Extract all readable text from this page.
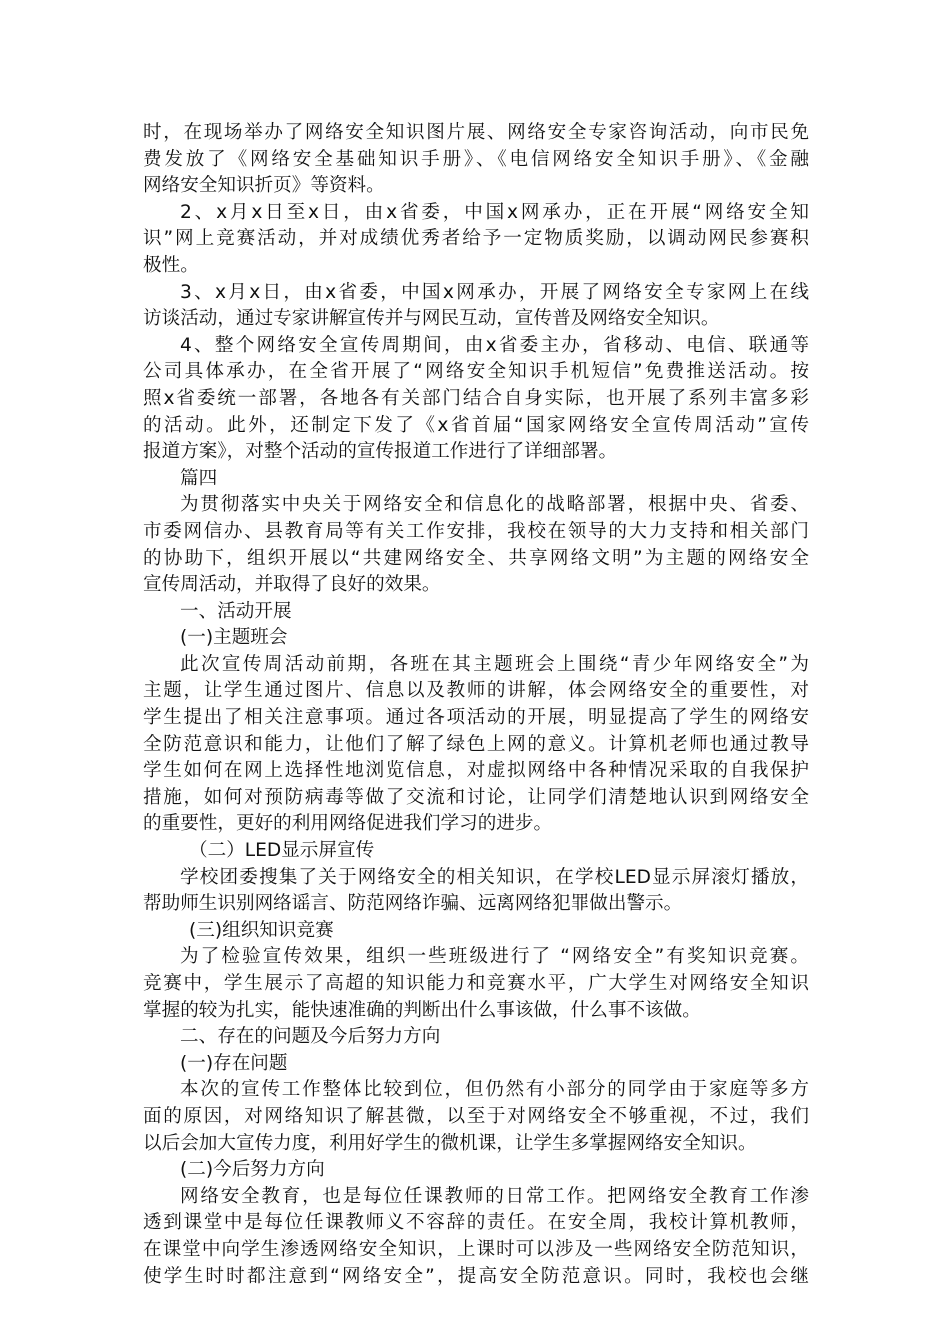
时，在现场举办了网络安全知识图片展、网络安全专家咨询活动，向市民免
费发放了《网络安全基础知识手册》、《电信网络安全知识手册》、《金融
网络安全知识折页》等资料。
2、x月x日至x日，由x省委，中国x网承办，正在开展“网络安全知
识”网上竞赛活动，并对成绩优秀者给予一定物质奖励，以调动网民参赛积
极性。
3、x月x日，由x省委，中国x网承办，开展了网络安全专家网上在线
访谈活动，通过专家讲解宣传并与网民互动，宣传普及网络安全知识。
4、整个网络安全宣传周期间，由x省委主办，省移动、电信、联通等
公司具体承办，在全省开展了“网络安全知识手机短信”免费推送活动。按
照x省委统一部署，各地各有关部门结合自身实际，也开展了系列丰富多彩
的活动。此外，还制定下发了《x省首届“国家网络安全宣传周活动”宣传
报道方案》，对整个活动的宣传报道工作进行了详细部署。
篇四
为贯彻落实中央关于网络安全和信息化的战略部署，根据中央、省委、
市委网信办、县教育局等有关工作安排，我校在领导的大力支持和相关部门
的协助下，组织开展以“共建网络安全、共享网络文明”为主题的网络安全
宣传周活动，并取得了良好的效果。
一、活动开展
(一)主题班会
此次宣传周活动前期，各班在其主题班会上围绕“青少年网络安全”为
主题，让学生通过图片、信息以及教师的讲解，体会网络安全的重要性，对
学生提出了相关注意事项。通过各项活动的开展，明显提高了学生的网络安
全防范意识和能力，让他们了解了绿色上网的意义。计算机老师也通过教导
学生如何在网上选择性地浏览信息，对虚拟网络中各种情况采取的自我保护
措施，如何对预防病毒等做了交流和讨论，让同学们清楚地认识到网络安全
的重要性，更好的利用网络促进我们学习的进步。
（二）LED显示屏宣传
学校团委搜集了关于网络安全的相关知识，在学校LED显示屏滚灯播放，
帮助师生识别网络谣言、防范网络诈骗、远离网络犯罪做出警示。
(三)组织知识竞赛
为了检验宣传效果，组织一些班级进行了 “网络安全”有奖知识竞赛。
竞赛中，学生展示了高超的知识能力和竞赛水平，广大学生对网络安全知识
掌握的较为扎实，能快速准确的判断出什么事该做，什么事不该做。
二、存在的问题及今后努力方向
(一)存在问题
本次的宣传工作整体比较到位，但仍然有小部分的同学由于家庭等多方
面的原因，对网络知识了解甚微，以至于对网络安全不够重视，不过，我们
以后会加大宣传力度，利用好学生的微机课，让学生多掌握网络安全知识。
(二)今后努力方向
网络安全教育，也是每位任课教师的日常工作。把网络安全教育工作渗
透到课堂中是每位任课教师义不容辞的责任。在安全周，我校计算机教师，
在课堂中向学生渗透网络安全知识，上课时可以涉及一些网络安全防范知识，
使学生时时都注意到“网络安全”，提高安全防范意识。同时，我校也会继
